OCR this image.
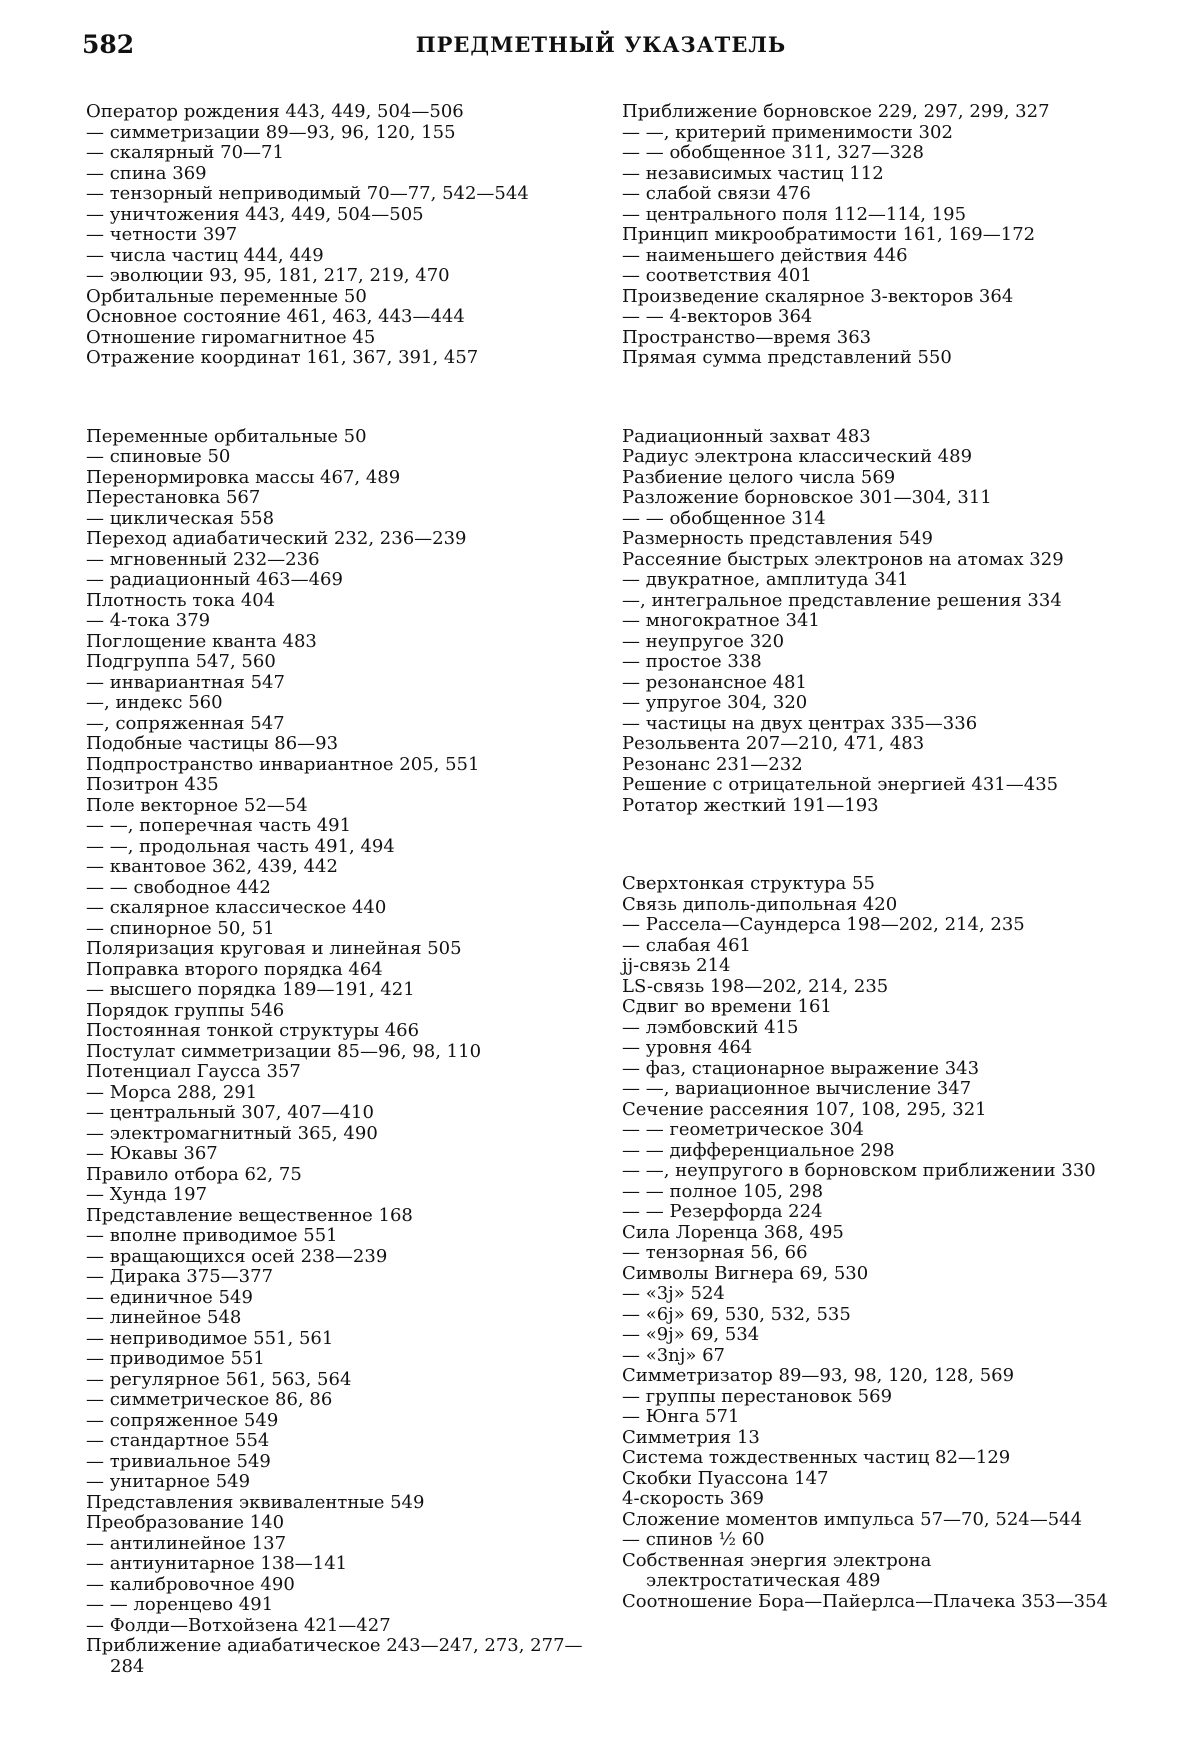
582	ПРЕДМЕТНЫЙ УКАЗАТЕЛЬ
Оператор рождения 443, 449, 504—506
— симметризации 89—93, 96, 120, 155
— скалярный 70—71
— спина 369
— тензорный неприводимый 70—77, 542—544
— уничтожения 443, 449, 504—505
— четности 397
— числа частиц 444, 449
— эволюции 93, 95, 181, 217, 219, 470
Орбитальные переменные 50
Основное состояние 461, 463, 443—444
Отношение гиромагнитное 45
Отражение координат 161, 367, 391, 457
Переменные орбитальные 50
— спиновые 50
Перенормировка массы 467, 489
Перестановка 567
— циклическая 558
Переход адиабатический 232, 236—239
— мгновенный 232—236
— радиационный 463—469
Плотность тока 404
— 4-тока 379
Поглощение кванта 483
Подгруппа 547, 560
— инвариантная 547
—, индекс 560
—, сопряженная 547
Подобные частицы 86—93
Подпространство инвариантное 205, 551
Позитрон 435
Поле векторное 52—54
— —, поперечная часть 491
— —, продольная часть 491, 494
— квантовое 362, 439, 442
— — свободное 442
— скалярное классическое 440
— спинорное 50, 51
Поляризация круговая и линейная 505
Поправка второго порядка 464
— высшего порядка 189—191, 421
Порядок группы 546
Постоянная тонкой структуры 466
Постулат симметризации 85—96, 98, 110
Потенциал Гаусса 357
— Морса 288, 291
— центральный 307, 407—410
— электромагнитный 365, 490
— Юкавы 367
Правило отбора 62, 75
— Хунда 197
Представление вещественное 168
— вполне приводимое 551
— вращающихся осей 238—239
— Дирака 375—377
— единичное 549
— линейное 548
— неприводимое 551, 561
— приводимое 551
— регулярное 561, 563, 564
— симметрическое 86, 86
— сопряженное 549
— стандартное 554
— тривиальное 549
— унитарное 549
Представления эквивалентные 549
Преобразование 140
— антилинейное 137
— антиунитарное 138—141
— калибровочное 490
— — лоренцево 491
— Фолди—Вотхойзена 421—427
Приближение адиабатическое 243—247, 273, 277—284
Приближение борновское 229, 297, 299, 327
— —, критерий применимости 302
— — обобщенное 311, 327—328
— независимых частиц 112
— слабой связи 476
— центрального поля 112—114, 195
Принцип микрообратимости 161, 169—172
— наименьшего действия 446
— соответствия 401
Произведение скалярное 3-векторов 364
— — 4-векторов 364
Пространство—время 363
Прямая сумма представлений 550
Радиационный захват 483
Радиус электрона классический 489
Разбиение целого числа 569
Разложение борновское 301—304, 311
— — обобщенное 314
Размерность представления 549
Рассеяние быстрых электронов на атомах 329
— двукратное, амплитуда 341
—, интегральное представление решения 334
— многократное 341
— неупругое 320
— простое 338
— резонансное 481
— упругое 304, 320
— частицы на двух центрах 335—336
Резольвента 207—210, 471, 483
Резонанс 231—232
Решение с отрицательной энергией 431—435
Ротатор жесткий 191—193
Сверхтонкая структура 55
Связь диполь-дипольная 420
— Рассела—Саундерса 198—202, 214, 235
— слабая 461
jj-связь 214
LS-связь 198—202, 214, 235
Сдвиг во времени 161
— лэмбовский 415
— уровня 464
— фаз, стационарное выражение 343
— —, вариационное вычисление 347
Сечение рассеяния 107, 108, 295, 321
— — геометрическое 304
— — дифференциальное 298
— —, неупругого в борновском приближении 330
— — полное 105, 298
— — Резерфорда 224
Сила Лоренца 368, 495
— тензорная 56, 66
Символы Вигнера 69, 530
— «3j» 524
— «6j» 69, 530, 532, 535
— «9j» 69, 534
— «3nj» 67
Симметризатор 89—93, 98, 120, 128, 569
— группы перестановок 569
— Юнга 571
Симметрия 13
Система тождественных частиц 82—129
Скобки Пуассона 147
4-скорость 369
Сложение моментов импульса 57—70, 524—544
— спинов ½ 60
Собственная энергия электрона электростатическая 489
Соотношение Бора—Пайерлса—Плачека 353—354
